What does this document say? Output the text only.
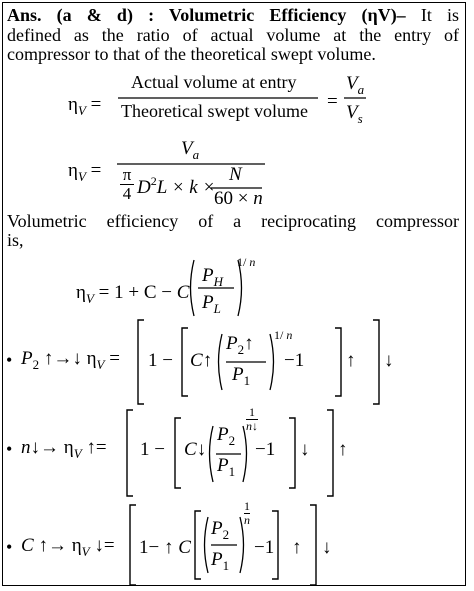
Ans. (a & d) : Volumetric Efficiency (ηV)– It is
defined as the ratio of actual volume at the entry of
compressor to that of the theoretical swept volume.
$\eta_V$ =
Actual volume at entry
Theoretical swept volume =
$V_a$
$V_s$
$\eta_V$ =
$V_a$
π
4 $D^2L \times k$ ×
N
60 × n
Volumetric efficiency of a reciprocating compressor
is,
$\eta_V = 1 + C - C$
$P_H$
$P_L$
1/ n
• $P_2$ ↑→↓ $\eta_V = 1$ − C↑
$P_2↑$
$P_1$
1/ n
−1 ↑ ↓
• n↓→ $\eta_V$ ↑= 1 − C↓
$P_2$
$P_1$
1
n↓
−1 ↓ ↑
• C ↑→ $\eta_V$ ↓= 1− ↑ C
$P_2$
$P_1$
1
n
−1 ↑ ↓
